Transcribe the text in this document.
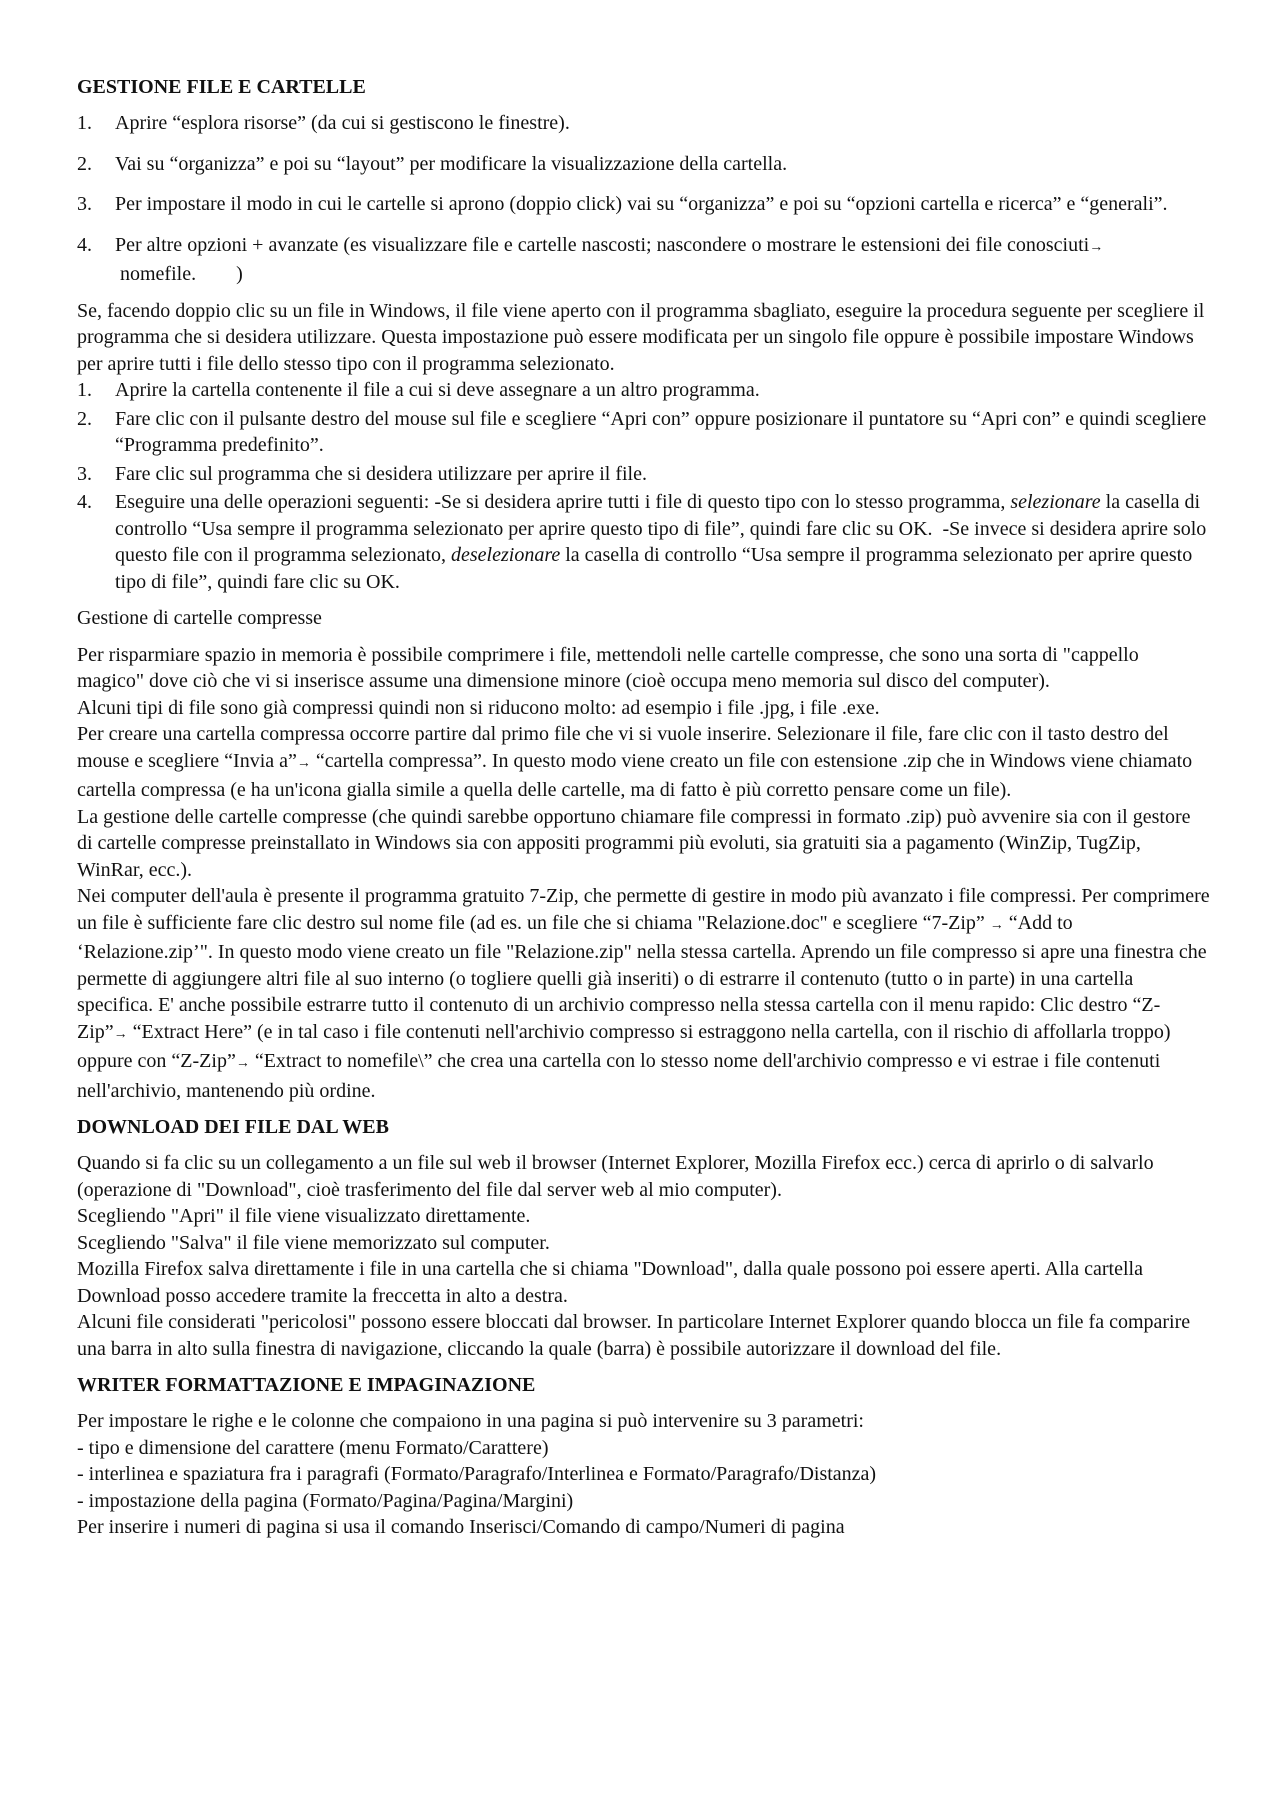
GESTIONE FILE E CARTELLE
1. Aprire “esplora risorse” (da cui si gestiscono le finestre).
2. Vai su “organizza” e poi su “layout” per modificare la visualizzazione della cartella.
3. Per impostare il modo in cui le cartelle si aprono (doppio click) vai su “organizza” e poi su “opzioni cartella e ricerca” e “generali”.
4. Per altre opzioni + avanzate (es visualizzare file e cartelle nascosti; nascondere o mostrare le estensioni dei file conosciuti→ nomefile.        )

Se, facendo doppio clic su un file in Windows, il file viene aperto con il programma sbagliato, eseguire la procedura seguente per scegliere il programma che si desidera utilizzare. Questa impostazione può essere modificata per un singolo file oppure è possibile impostare Windows per aprire tutti i file dello stesso tipo con il programma selezionato.

1. Aprire la cartella contenente il file a cui si deve assegnare a un altro programma.
2. Fare clic con il pulsante destro del mouse sul file e scegliere “Apri con” oppure posizionare il puntatore su “Apri con” e quindi scegliere “Programma predefinito”.
3. Fare clic sul programma che si desidera utilizzare per aprire il file.
4. Eseguire una delle operazioni seguenti: -Se si desidera aprire tutti i file di questo tipo con lo stesso programma, selezionare la casella di controllo “Usa sempre il programma selezionato per aprire questo tipo di file”, quindi fare clic su OK.  -Se invece si desidera aprire solo questo file con il programma selezionato, deselezionare la casella di controllo “Usa sempre il programma selezionato per aprire questo tipo di file”, quindi fare clic su OK.

Gestione di cartelle compresse

Per risparmiare spazio in memoria è possibile comprimere i file, mettendoli nelle cartelle compresse, che sono una sorta di "cappello magico" dove ciò che vi si inserisce assume una dimensione minore (cioè occupa meno memoria sul disco del computer).

Alcuni tipi di file sono già compressi quindi non si riducono molto: ad esempio i file .jpg, i file .exe.

Per creare una cartella compressa occorre partire dal primo file che vi si vuole inserire. Selezionare il file, fare clic con il tasto destro del mouse e scegliere “Invia a”→ “cartella compressa”. In questo modo viene creato un file con estensione .zip che in Windows viene chiamato cartella compressa (e ha un'icona gialla simile a quella delle cartelle, ma di fatto è più corretto pensare come un file).

La gestione delle cartelle compresse (che quindi sarebbe opportuno chiamare file compressi in formato .zip) può avvenire sia con il gestore di cartelle compresse preinstallato in Windows sia con appositi programmi più evoluti, sia gratuiti sia a pagamento (WinZip, TugZip, WinRar, ecc.).

Nei computer dell'aula è presente il programma gratuito 7-Zip, che permette di gestire in modo più avanzato i file compressi. Per comprimere un file è sufficiente fare clic destro sul nome file (ad es. un file che si chiama "Relazione.doc" e scegliere “7-Zip” → “Add to ‘Relazione.zip’". In questo modo viene creato un file "Relazione.zip" nella stessa cartella. Aprendo un file compresso si apre una finestra che permette di aggiungere altri file al suo interno (o togliere quelli già inseriti) o di estrarre il contenuto (tutto o in parte) in una cartella specifica. E' anche possibile estrarre tutto il contenuto di un archivio compresso nella stessa cartella con il menu rapido: Clic destro “Z-Zip”→ “Extract Here” (e in tal caso i file contenuti nell'archivio compresso si estraggono nella cartella, con il rischio di affollarla troppo) oppure con “Z-Zip”→ “Extract to nomefile\” che crea una cartella con lo stesso nome dell'archivio compresso e vi estrae i file contenuti nell'archivio, mantenendo più ordine.

DOWNLOAD DEI FILE DAL WEB

Quando si fa clic su un collegamento a un file sul web il browser (Internet Explorer, Mozilla Firefox ecc.) cerca di aprirlo o di salvarlo (operazione di "Download", cioè trasferimento del file dal server web al mio computer).

Scegliendo "Apri" il file viene visualizzato direttamente.

Scegliendo "Salva" il file viene memorizzato sul computer.

Mozilla Firefox salva direttamente i file in una cartella che si chiama "Download", dalla quale possono poi essere aperti. Alla cartella Download posso accedere tramite la freccetta in alto a destra.

Alcuni file considerati "pericolosi" possono essere bloccati dal browser. In particolare Internet Explorer quando blocca un file fa comparire una barra in alto sulla finestra di navigazione, cliccando la quale (barra) è possibile autorizzare il download del file.

WRITER FORMATTAZIONE E IMPAGINAZIONE

Per impostare le righe e le colonne che compaiono in una pagina si può intervenire su 3 parametri:

- tipo e dimensione del carattere (menu Formato/Carattere)

- interlinea e spaziatura fra i paragrafi (Formato/Paragrafo/Interlinea e Formato/Paragrafo/Distanza)

- impostazione della pagina (Formato/Pagina/Pagina/Margini)

Per inserire i numeri di pagina si usa il comando Inserisci/Comando di campo/Numeri di pagina
